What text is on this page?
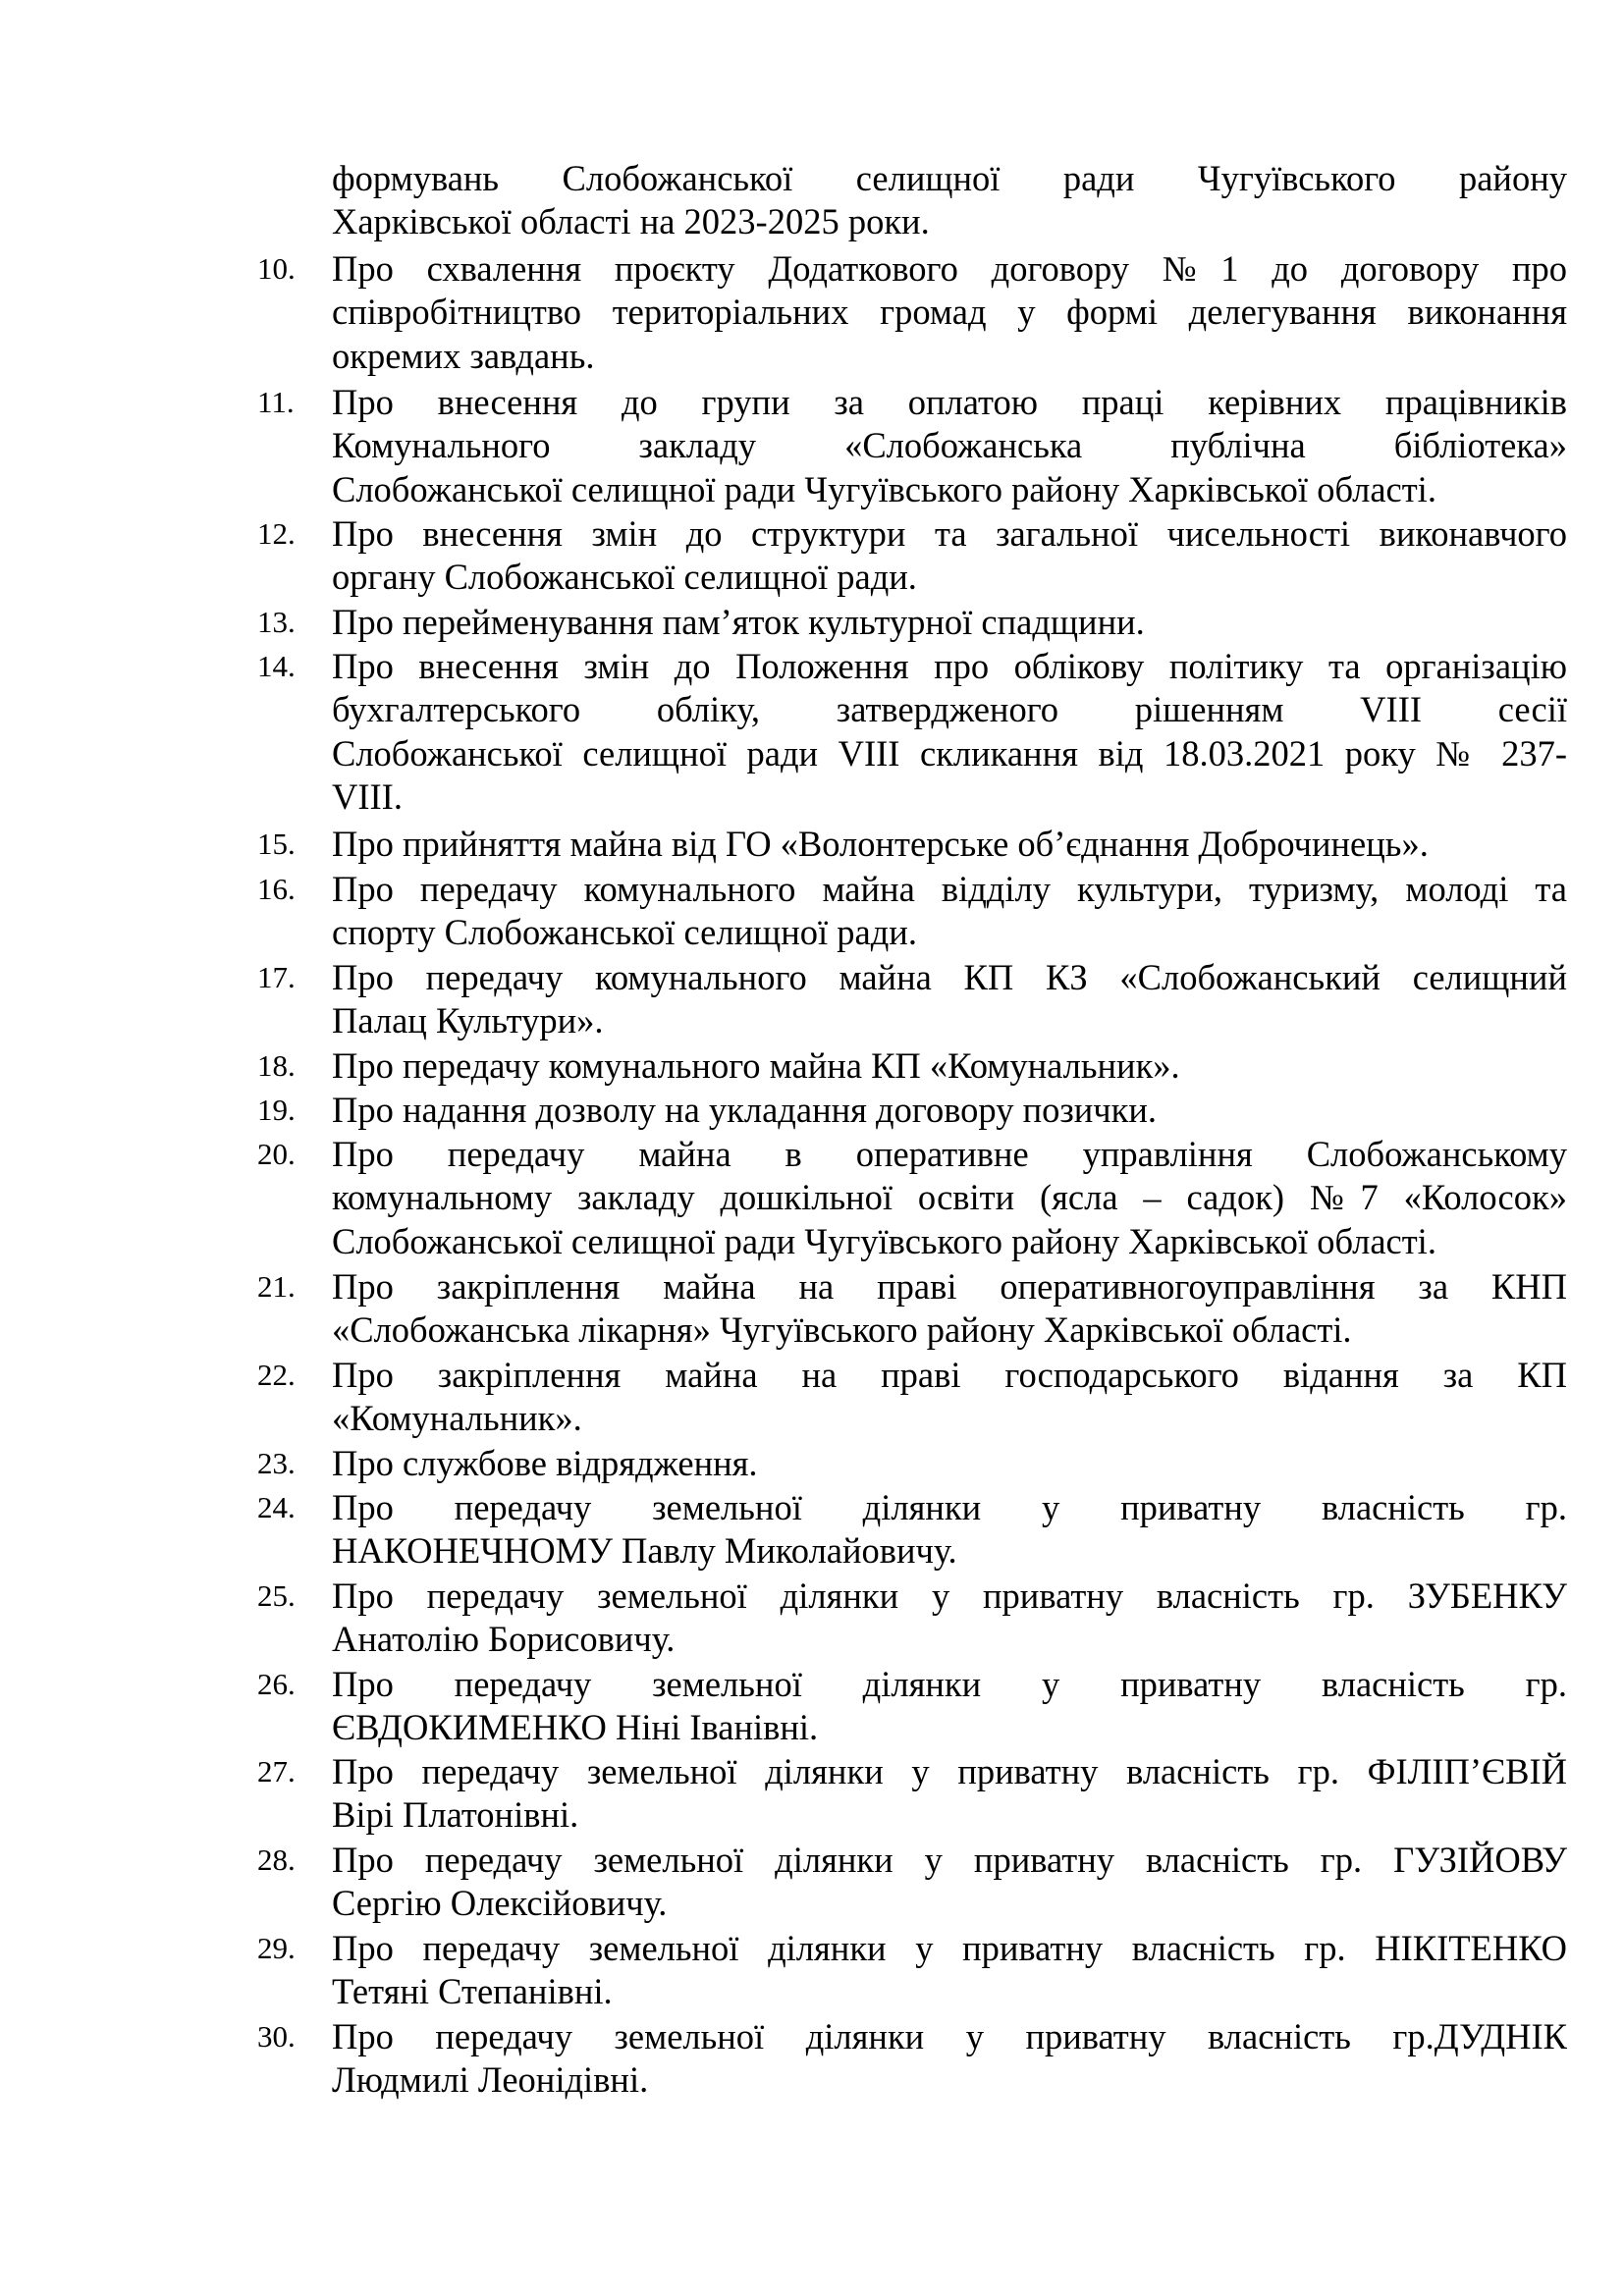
формувань Слобожанської селищної ради Чугуївського району
Харківської області на 2023-2025 роки.
10.	Про схвалення проєкту Додаткового договору №1 до договору про
співробітництво територіальних громад у формі делегування виконання
окремих завдань.
11.	Про внесення до групи за оплатою праці керівних працівників
Комунального закладу «Слобожанська публічна бібліотека»
Слобожанської селищної ради Чугуївського району Харківської області.
12.	Про внесення змін до структури та загальної чисельності виконавчого
органу Слобожанської селищної ради.
13.	Про перейменування пам’яток культурної спадщини.
14.	Про внесення змін до Положення про облікову політику та організацію
бухгалтерського обліку, затвердженого рішенням VIII сесії
Слобожанської селищної ради VIII скликання від 18.03.2021 року № 237-
VIII.
15.	Про прийняття майна від ГО «Волонтерське об’єднання Доброчинець».
16.	Про передачу комунального майна відділу культури, туризму, молоді та
спорту Слобожанської селищної ради.
17.	Про передачу комунального майна КП КЗ «Слобожанський селищний
Палац Культури».
18.	Про передачу комунального майна КП «Комунальник».
19.	Про надання дозволу на укладання договору позички.
20.	Про передачу майна в оперативне управління Слобожанському
комунальному закладу дошкільної освіти (ясла – садок) №7 «Колосок»
Слобожанської селищної ради Чугуївського району Харківської області.
21.	Про закріплення майна на праві оперативногоуправління за КНП
«Слобожанська лікарня» Чугуївського району Харківської області.
22.	Про закріплення майна на праві господарського відання за КП
«Комунальник».
23.	Про службове відрядження.
24.	Про передачу земельної ділянки у приватну власність гр.
НАКОНЕЧНОМУ Павлу Миколайовичу.
25.	Про передачу земельної ділянки у приватну власність гр. ЗУБЕНКУ
Анатолію Борисовичу.
26.	Про передачу земельної ділянки у приватну власність гр.
ЄВДОКИМЕНКО Ніні Іванівні.
27.	Про передачу земельної ділянки у приватну власність гр. ФІЛІП’ЄВІЙ
Вірі Платонівні.
28.	Про передачу земельної ділянки у приватну власність гр. ГУЗІЙОВУ
Сергію Олексійовичу.
29.	Про передачу земельної ділянки у приватну власність гр. НІКІТЕНКО
Тетяні Степанівні.
30.	Про передачу земельної ділянки у приватну власність гр.ДУДНІК
Людмилі Леонідівні.
